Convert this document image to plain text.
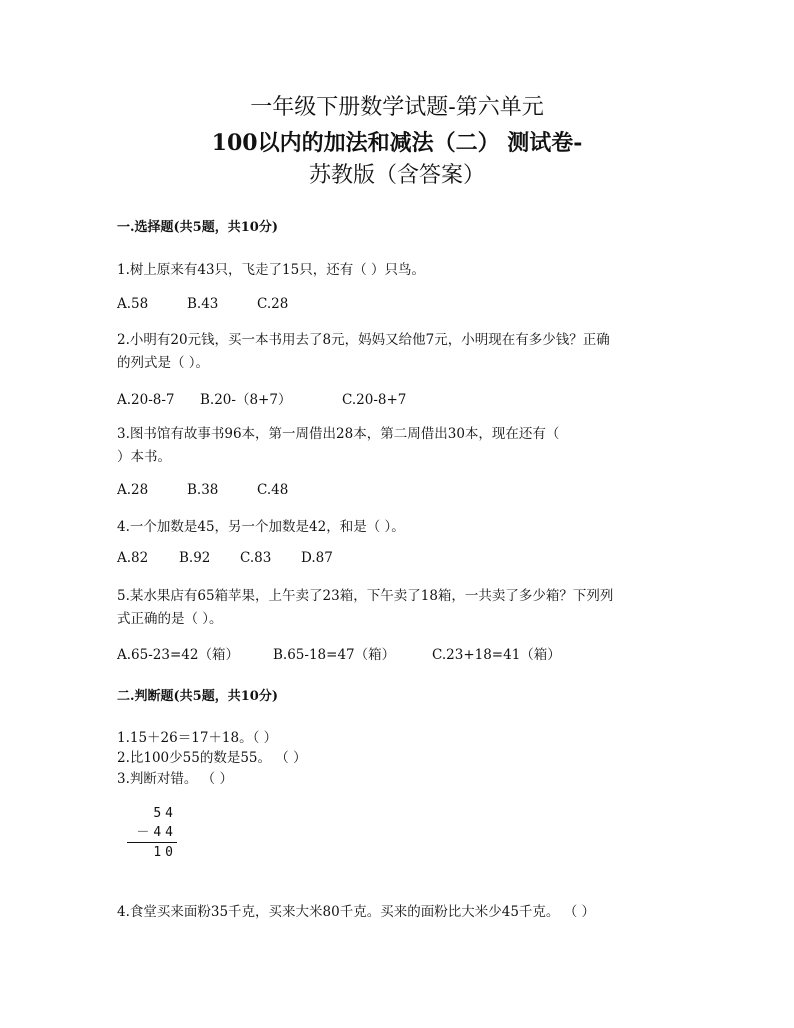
一年级下册数学试题-第六单元
100以内的加法和减法（二） 测试卷-
苏教版（含答案）
一.选择题(共5题，共10分)
1.树上原来有43只，飞走了15只，还有（ ）只鸟。
A.58	B.43	C.28
2.小明有20元钱，买一本书用去了8元，妈妈又给他7元，小明现在有多少钱？正确
的列式是（ ）。
A.20-8-7 B.20-（8+7）	C.20-8+7
3.图书馆有故事书96本，第一周借出28本，第二周借出30本，现在还有（
）本书。
A.28	B.38	C.48
4.一个加数是45，另一个加数是42，和是（ ）。
A.82 B.92 C.83 D.87
5.某水果店有65箱苹果，上午卖了23箱，下午卖了18箱，一共卖了多少箱？下列列
式正确的是（ ）。
A.65-23=42（箱）	B.65-18=47（箱）	C.23+18=41（箱）
二.判断题(共5题，共10分)
1.15＋26＝17＋18。（ ）
2.比100少55的数是55。 （ ）
3.判断对错。 （ ）
54
－44
10
4.食堂买来面粉35千克，买来大米80千克。买来的面粉比大米少45千克。 （ ）
